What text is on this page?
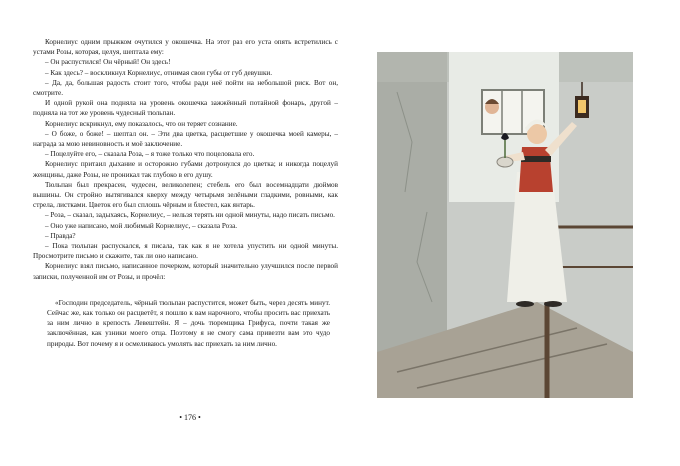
Корнелиус одним прыжком очутился у окошечка. На этот раз его уста опять встретились с устами Розы, которая, целуя, шептала ему:

– Он распустился! Он чёрный! Он здесь!

– Как здесь? – воскликнул Корнелиус, отнимая свои губы от губ девушки.

– Да, да, большая радость стоит того, чтобы ради неё пойти на небольшой риск. Вот он, смотрите.

И одной рукой она подняла на уровень окошечка зажжённый потайной фонарь, другой – подняла на тот же уровень чудесный тюльпан.

Корнелиус вскрикнул, ему показалось, что он теряет сознание.

– О боже, о боже! – шептал он. – Эти два цветка, расцветшие у окошечка моей камеры, – награда за мою невиновность и моё заключение.

– Поцелуйте его, – сказала Роза, – я тоже только что поцеловала его.

Корнелиус притаил дыхание и осторожно губами дотронулся до цветка; и никогда поцелуй женщины, даже Розы, не проникал так глубоко в его душу.

Тюльпан был прекрасен, чудесен, великолепен; стебель его был восемнадцати дюймов вышины. Он стройно вытягивался кверху между четырьмя зелёными гладкими, ровными, как стрела, листками. Цветок его был сплошь чёрным и блестел, как янтарь.

– Роза, – сказал, задыхаясь, Корнелиус, – нельзя терять ни одной минуты, надо писать письмо.

– Оно уже написано, мой любимый Корнелиус, – сказала Роза.

– Правда?

– Пока тюльпан распускался, я писала, так как я не хотела упустить ни одной минуты. Просмотрите письмо и скажите, так ли оно написано.

Корнелиус взял письмо, написанное почерком, который значительно улучшился после первой записки, полученной им от Розы, и прочёл:

«Господин председатель, чёрный тюльпан распустится, может быть, через десять минут. Сейчас же, как только он расцветёт, я пошлю к вам нарочного, чтобы просить вас приехать за ним лично в крепость Левештейн. Я – дочь тюремщика Грифуса, почти такая же заключённая, как узники моего отца. Поэтому я не смогу сама привезти вам это чудо природы. Вот почему я и осмеливаюсь умолять вас приехать за ним лично.

• 176 •
